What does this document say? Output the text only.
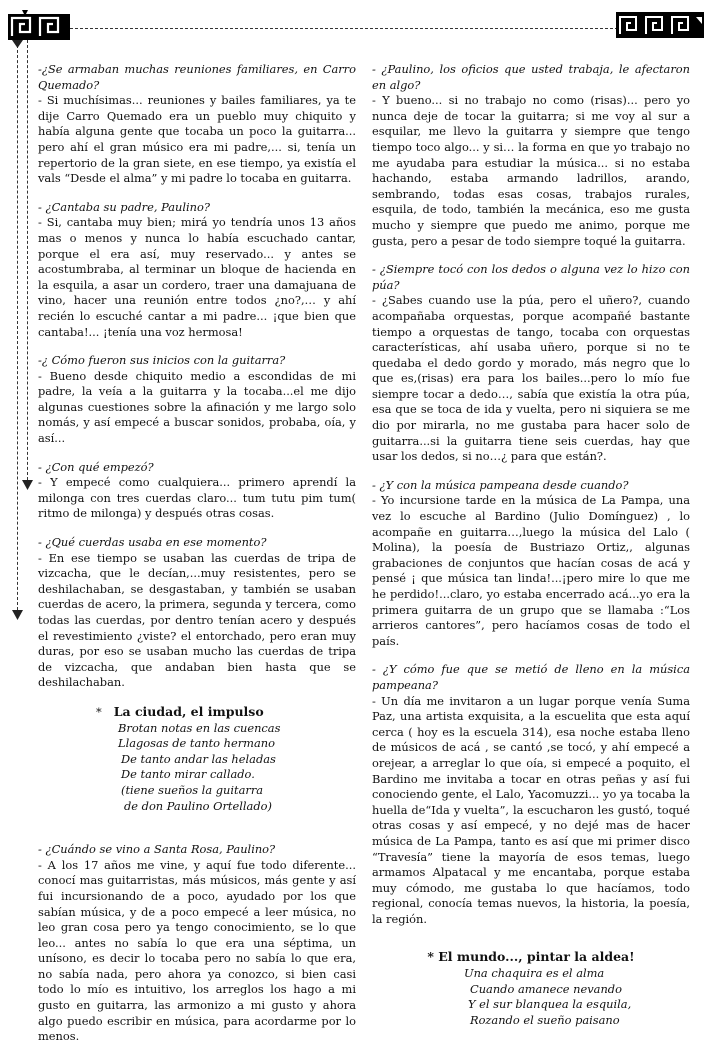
-¿Se armaban muchas reuniones familiares, en Carro Quemado?
- Si muchísimas... reuniones y bailes familiares, ya te dije Carro Quemado era un pueblo muy chiquito y había alguna gente que tocaba un poco la guitarra... pero ahí el gran músico era mi padre,... si, tenía un repertorio de la gran siete, en ese tiempo, ya existía el vals “Desde el alma” y mi padre lo tocaba en guitarra.
- ¿Cantaba su padre, Paulino?
- Si, cantaba muy bien; mirá yo tendría unos 13 años mas o menos y nunca lo había escuchado cantar, porque el era así, muy reservado... y antes se acostumbraba, al terminar un bloque de hacienda en la esquila, a asar un cordero, traer una damajuana de vino, hacer una reunión entre todos ¿no?,… y ahí recién lo escuché cantar a mi padre... ¡que bien que cantaba!... ¡tenía una voz hermosa!
-¿ Cómo fueron sus inicios con la guitarra?
- Bueno desde chiquito medio a escondidas de mi padre, la veía a la guitarra y la tocaba...el me dijo algunas cuestiones sobre la afinación y me largo solo nomás, y así empecé a buscar sonidos, probaba, oía, y así...
- ¿Con qué empezó?
- Y empecé como cualquiera... primero aprendí la milonga con tres cuerdas claro... tum tutu pim tum( ritmo de milonga) y después otras cosas.
- ¿Qué cuerdas usaba en ese momento?
- En ese tiempo se usaban las cuerdas de tripa de vizcacha, que le decían,...muy resistentes, pero se deshilachaban, se desgastaban, y también se usaban cuerdas de acero, la primera, segunda y tercera, como todas las cuerdas, por dentro tenían acero y después el revestimiento ¿viste? el entorchado, pero eran muy duras, por eso se usaban mucho las cuerdas de tripa de vizcacha, que andaban bien hasta que se deshilachaban.
* La ciudad, el impulso
Brotan notas en las cuencas
Llagosas de tanto hermano
De tanto andar las heladas
De tanto mirar callado.
(tiene sueños la guitarra
de don Paulino Ortellado)
- ¿Cuándo se vino a Santa Rosa, Paulino?
- A los 17 años me vine, y aquí fue todo diferente... conocí mas guitarristas, más músicos, más gente y así fui incursionando de a poco, ayudado por los que sabían música, y de a poco empecé a leer música, no leo gran cosa pero ya tengo conocimiento, se lo que leo... antes no sabía lo que era una séptima, un unísono, es decir lo tocaba pero no sabía lo que era, no sabía nada, pero ahora ya conozco, si bien casi todo lo mío es intuitivo, los arreglos los hago a mi gusto en guitarra, las armonizo a mi gusto y ahora algo puedo escribir en música, para acordarme por lo menos.
- ¿Paulino, los oficios que usted trabaja, le afectaron en algo?
- Y bueno... si no trabajo no como (risas)... pero yo nunca deje de tocar la guitarra; si me voy al sur a esquilar, me llevo la guitarra y siempre que tengo tiempo toco algo... y si… la forma en que yo trabajo no me ayudaba para estudiar la música... si no estaba hachando, estaba armando ladrillos, arando, sembrando, todas esas cosas, trabajos rurales, esquila, de todo, también la mecánica, eso me gusta mucho y siempre que puedo me animo, porque me gusta, pero a pesar de todo siempre toqué la guitarra.
- ¿Siempre tocó con los dedos o alguna vez lo hizo con púa?
- ¿Sabes cuando use la púa, pero el uñero?, cuando acompañaba orquestas, porque acompañé bastante tiempo a orquestas de tango, tocaba con orquestas características, ahí usaba uñero, porque si no te quedaba el dedo gordo y morado, más negro que lo que es,(risas) era para los bailes...pero lo mío fue siempre tocar a dedo…, sabía que existía la otra púa, esa que se toca de ida y vuelta, pero ni siquiera se me dio por mirarla, no me gustaba para hacer solo de guitarra...si la guitarra tiene seis cuerdas, hay que usar los dedos, si no…¿ para que están?.
- ¿Y con la música pampeana desde cuando?
- Yo incursione tarde en la música de La Pampa, una vez lo escuche al Bardino (Julio Domínguez) , lo acompañe en guitarra…,luego la música del Lalo ( Molina), la poesía de Bustriazo Ortiz,, algunas grabaciones de conjuntos que hacían cosas de acá y pensé ¡ que música tan linda!...¡pero mire lo que me he perdido!...claro, yo estaba encerrado acá...yo era la primera guitarra de un grupo que se llamaba :“Los arrieros cantores”, pero hacíamos cosas de todo el país.
- ¿Y cómo fue que se metió de lleno en la música pampeana?
- Un día me invitaron a un lugar porque venía Suma Paz, una artista exquisita, a la escuelita que esta aquí cerca ( hoy es la escuela 314), esa noche estaba lleno de músicos de acá , se cantó ,se tocó, y ahí empecé a orejear, a arreglar lo que oía, si empecé a poquito, el Bardino me invitaba a tocar en otras peñas y así fui conociendo gente, el Lalo, Yacomuzzi... yo ya tocaba la huella de“Ida y vuelta”, la escucharon les gustó, toqué otras cosas y así empecé, y no dejé mas de hacer música de La Pampa, tanto es así que mi primer disco “Travesía” tiene la mayoría de esos temas, luego armamos Alpatacal y me encantaba, porque estaba muy cómodo, me gustaba lo que hacíamos, todo regional, conocía temas nuevos, la historia, la poesía, la región.
* El mundo..., pintar la aldea!
Una chaquira es el alma
Cuando amanece nevando
Y el sur blanquea la esquila,
Rozando el sueño paisano
